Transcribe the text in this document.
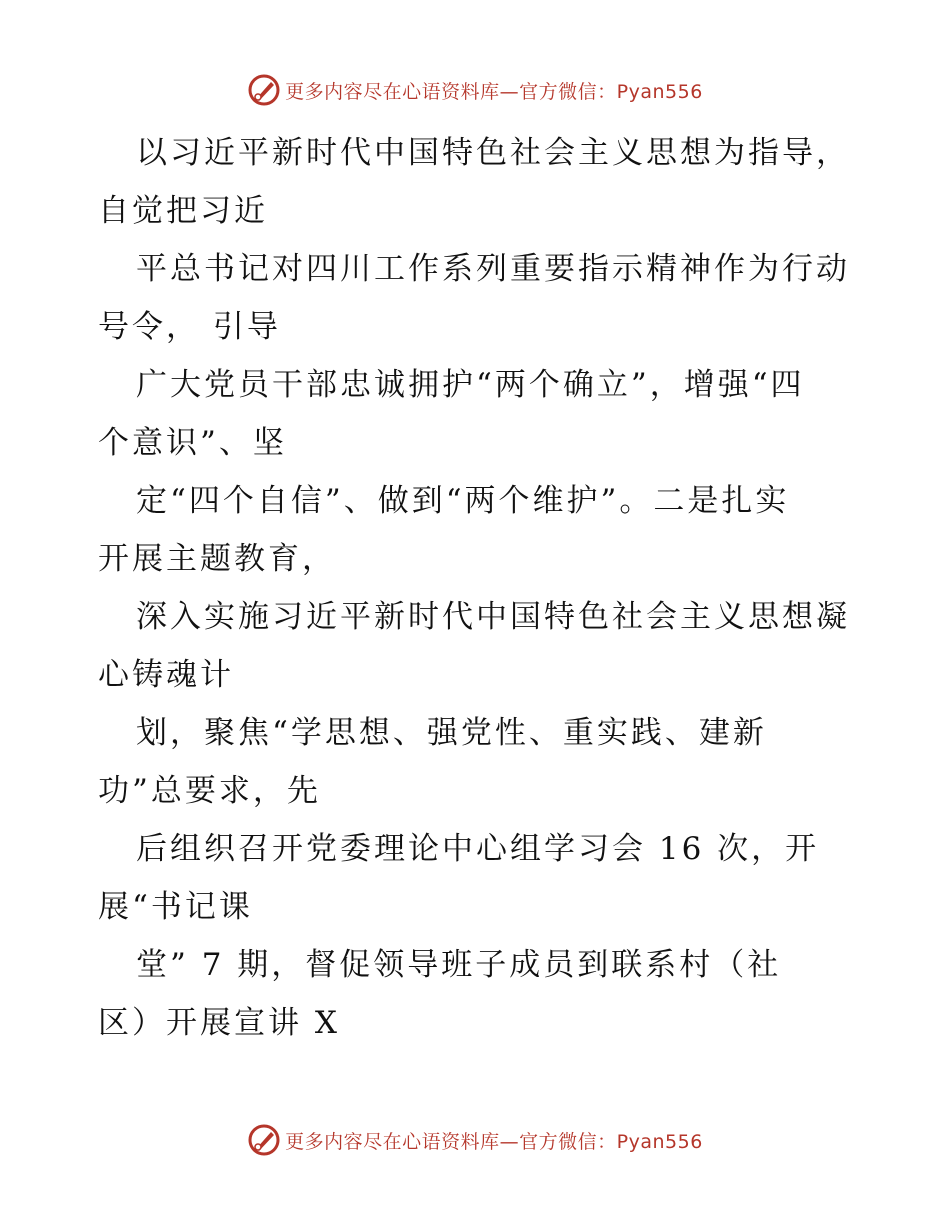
更多内容尽在心语资料库—官方微信：Pyan556
以习近平新时代中国特色社会主义思想为指导，
自觉把习近
平总书记对四川工作系列重要指示精神作为行动
号令， 引导
广大党员干部忠诚拥护“两个确立”，增强“四
个意识”、坚
定“四个自信”、做到“两个维护”。二是扎实
开展主题教育，
深入实施习近平新时代中国特色社会主义思想凝
心铸魂计
划，聚焦“学思想、强党性、重实践、建新
功”总要求，先
后组织召开党委理论中心组学习会 16 次，开
展“书记课
堂” 7 期，督促领导班子成员到联系村（社
区）开展宣讲 X
更多内容尽在心语资料库—官方微信：Pyan556
